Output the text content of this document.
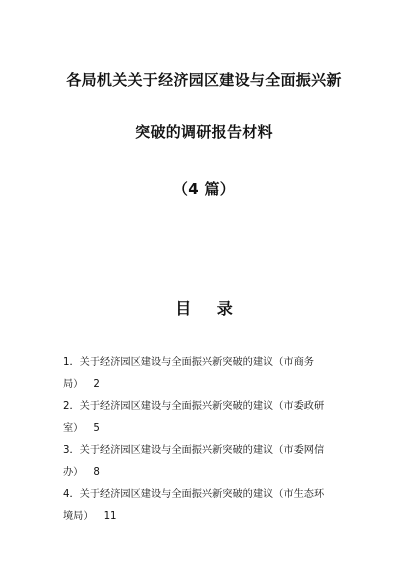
各局机关关于经济园区建设与全面振兴新
突破的调研报告材料
（4 篇）
目 录
1．关于经济园区建设与全面振兴新突破的建议（市商务
局） 2
2．关于经济园区建设与全面振兴新突破的建议（市委政研
室） 5
3．关于经济园区建设与全面振兴新突破的建议（市委网信
办） 8
4．关于经济园区建设与全面振兴新突破的建议（市生态环
境局） 11
